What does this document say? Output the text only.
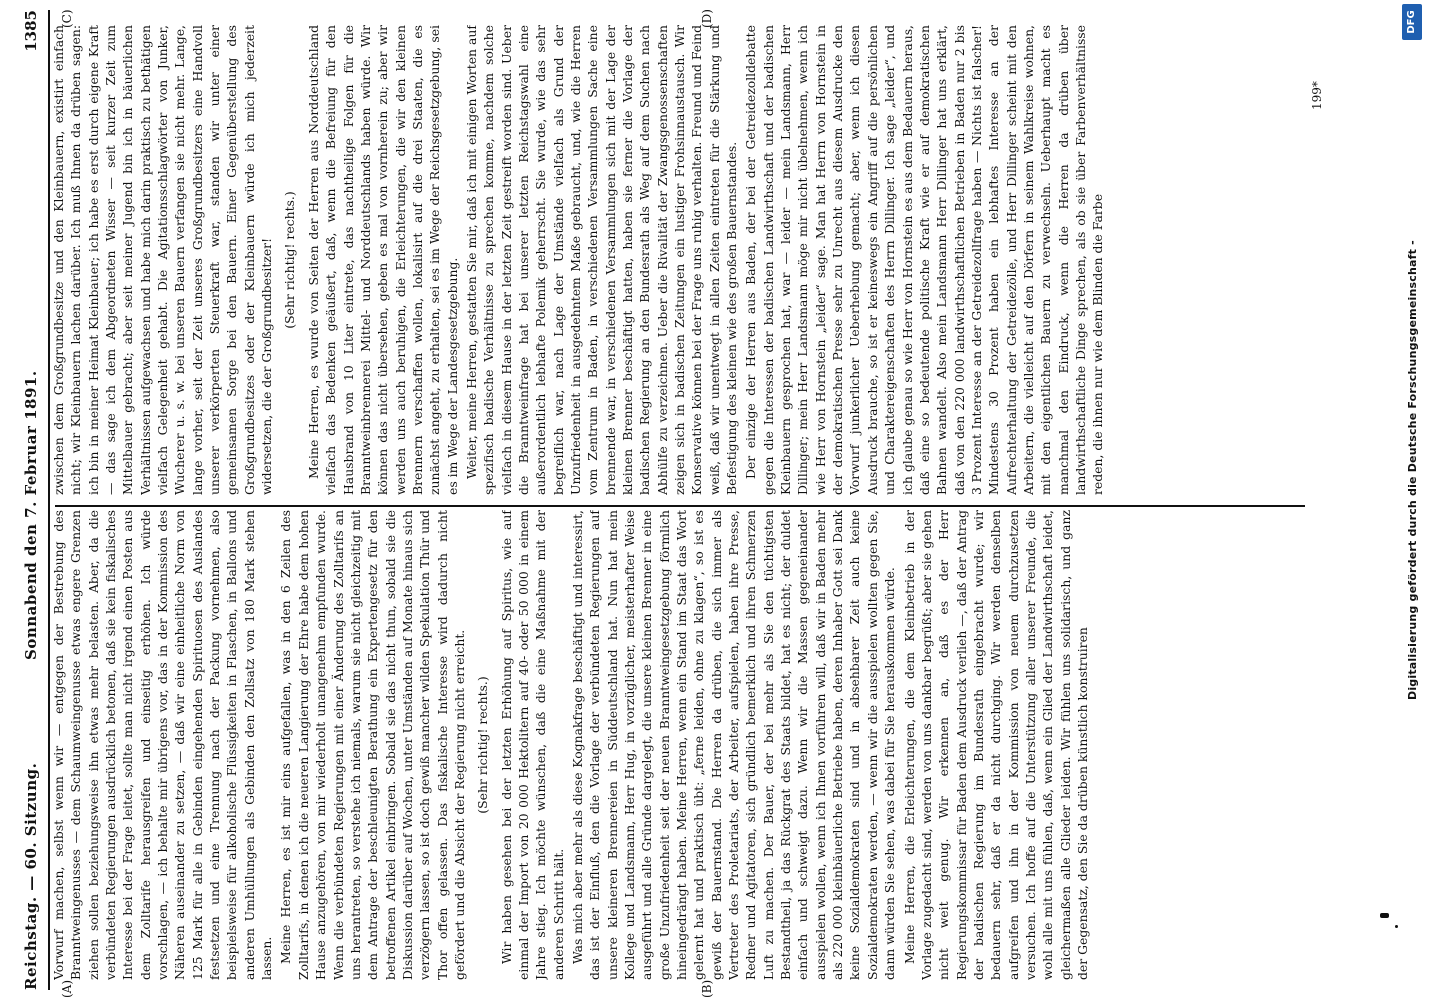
Reichstag. — 60. Sitzung.
Sonnabend den 7. Februar 1891.
1385
(A)	(B)
(C)	(D)

Vorwurf machen, selbst wenn wir — entgegen der Bestrebung des Branntweingenusses — dem Schaumweingenusse etwas engere Grenzen ziehen sollen beziehungsweise ihn etwas mehr belasten. Aber, da die verbündeten Regierungen ausdrücklich betonen, daß sie kein fiskalisches Interesse bei der Frage leitet, sollte man nicht irgend einen Posten aus dem Zolltarife herausgreifen und einseitig erhöhen. Ich würde vorschlagen, — ich behalte mir übrigens vor, das in der Kommission des Näheren auseinander zu setzen, — daß wir eine einheitliche Norm von 125 Mark für alle in Gebinden eingehenden Spirituosen des Auslandes festsetzen und eine Trennung nach der Packung vornehmen, also beispielsweise für alkoholische Flüssigkeiten in Flaschen, in Ballons und anderen Umhüllungen als Gebinden den Zollsatz von 180 Mark stehen lassen. Meine Herren, es ist mir eins aufgefallen, was in den 6 Zeilen des Zolltarifs, in denen ich die neueren Langierung der Ehre habe dem hohen Hause anzugehören, von mir wiederholt unangenehm empfunden wurde. Wenn die verbündeten Regierungen mit einer Änderung des Zolltarifs an uns herantreten, so verstehe ich niemals, warum sie nicht gleichzeitig mit dem Antrage der beschleunigten Berathung ein Expertengesetz für den betroffenen Artikel einbringen. Sobald sie das nicht thun, sobald sie die Diskussion darüber auf Wochen, unter Umständen auf Monate hinaus sich verzögern lassen, so ist doch gewiß mancher wilden Spekulation Thür und Thor offen gelassen. Das fiskalische Interesse wird dadurch nicht gefördert und die Absicht der Regierung nicht erreicht. (Sehr richtig! rechts.) Wir haben gesehen bei der letzten Erhöhung auf Spiritus, wie auf einmal der Import von 20 000 Hektolitern auf 40- oder 50 000 in einem Jahre stieg. Ich möchte wünschen, daß die eine Maßnahme mit der anderen Schritt hält. Was mich aber mehr als diese Kognakfrage beschäftigt und interessirt, das ist der Einfluß, den die Vorlage der verbündeten Regierungen auf unsere kleineren Brennereien in Süddeutschland hat. Nun hat mein Kollege und Landsmann, Herr Hug, in vorzüglicher, meisterhafter Weise ausgeführt und alle Gründe dargelegt, die unsere kleinen Brenner in eine große Unzufriedenheit seit der neuen Branntweingesetzgebung förmlich hineingedrängt haben. Meine Herren, wenn ein Stand im Staat das Wort gelernt hat und praktisch übt: „ferne leiden, ohne zu klagen“, so ist es gewiß der Bauernstand. Die Herren da drüben, die sich immer als Vertreter des Proletariats, der Arbeiter, aufspielen, haben ihre Presse, Redner und Agitatoren, sich gründlich bemerklich und ihren Schmerzen Luft zu machen. Der Bauer, der bei mehr als Sie den tüchtigsten Bestandtheil, ja das Rückgrat des Staats bildet, hat es nicht; der duldet einfach und schweigt dazu. Wenn wir die Massen gegeneinander ausspielen wollen, wenn ich Ihnen vorführen will, daß wir in Baden mehr als 220 000 kleinbäuerliche Betriebe haben, deren Inhaber Gott sei Dank keine Sozialdemokraten sind und in absehbarer Zeit auch keine Sozialdemokraten werden, — wenn wir die ausspielen wollten gegen Sie, dann würden Sie sehen, was dabei für Sie herauskommen würde. Meine Herren, die Erleichterungen, die dem Kleinbetrieb in der Vorlage zugedacht sind, werden von uns dankbar begrüßt; aber sie gehen nicht weit genug. Wir erkennen an, daß es der Herr Regierungskommissar für Baden dem Ausdruck verlieh —, daß der Antrag der badischen Regierung im Bundesrath eingebracht wurde; wir bedauern sehr, daß er da nicht durchging. Wir werden denselben aufgreifen und ihn in der Kommission von neuem durchzusetzen versuchen. Ich hoffe auf die Unterstützung aller unserer Freunde, die wohl alle mit uns fühlen, daß, wenn ein Glied der Landwirthschaft leidet, gleichermaßen alle Glieder leiden. Wir fühlen uns solidarisch, und ganz der Gegensatz, den Sie da drüben künstlich konstruiren

zwischen dem Großgrundbesitze und den Kleinbauern, existirt einfach nicht; wir Kleinbauern lachen darüber. Ich muß Ihnen da drüben sagen: ich bin in meiner Heimat Kleinbauer; ich habe es erst durch eigene Kraft — das sage ich dem Abgeordneten Wisser — seit kurzer Zeit zum Mittelbauer gebracht; aber seit meiner Jugend bin ich in bäuerlichen Verhältnissen aufgewachsen und habe mich darin praktisch zu bethätigen vielfach Gelegenheit gehabt. Die Agitationsschlagwörter von Junker, Wucherer u. s. w. bei unseren Bauern verfangen sie nicht mehr. Lange, lange vorher, seit der Zeit unseres Großgrundbesitzers eine Handvoll unserer verkörperten Steuerkraft war, standen wir unter einer gemeinsamen Sorge bei den Bauern. Einer Gegenüberstellung des Großgrundbesitzes oder der Kleinbauern würde ich mich jederzeit widersetzen, die der Großgrundbesitzer! (Sehr richtig! rechts.) Meine Herren, es wurde von Seiten der Herren aus Norddeutschland vielfach das Bedenken geäußert, daß, wenn die Befreiung für den Hausbrand von 10 Liter eintrete, das nachtheilige Folgen für die Branntweinbrennerei Mittel- und Norddeutschlands haben würde. Wir können das nicht übersehen, geben es mal von vornherein zu; aber wir werden uns auch beruhigen, die Erleichterungen, die wir den kleinen Brennern verschaffen wollen, lokalisirt auf die drei Staaten, die es zunächst angeht, zu erhalten, sei es im Wege der Reichsgesetzgebung, sei es im Wege der Landesgesetzgebung. Weiter, meine Herren, gestatten Sie mir, daß ich mit einigen Worten auf spezifisch badische Verhältnisse zu sprechen komme, nachdem solche vielfach in diesem Hause in der letzten Zeit gestreift worden sind. Ueber die Branntweinfrage hat bei unserer letzten Reichstagswahl eine außerordentlich lebhafte Polemik geherrscht. Sie wurde, wie das sehr begreiflich war, nach Lage der Umstände vielfach als Grund der Unzufriedenheit in ausgedehntem Maße gebraucht, und, wie die Herren vom Zentrum in Baden, in verschiedenen Versammlungen Sache eine brennende war, in verschiedenen Versammlungen sich mit der Lage der kleinen Brenner beschäftigt hatten, haben sie ferner die Vorlage der badischen Regierung an den Bundesrath als Weg auf dem Suchen nach Abhülfe zu verzeichnen. Ueber die Rivalität der Zwangsgenossenschaften zeigen sich in badischen Zeitungen ein lustiger Frohsinnaustausch. Wir Konservative können bei der Frage uns ruhig verhalten. Freund und Feind weiß, daß wir unentwegt in allen Zeiten eintreten für die Stärkung und Befestigung des kleinen wie des großen Bauernstandes. Der einzige der Herren aus Baden, der bei der Getreidezolldebatte gegen die Interessen der badischen Landwirthschaft und der badischen Kleinbauern gesprochen hat, war — leider — mein Landsmann, Herr Dillinger; mein Herr Landsmann möge mir nicht übelnehmen, wenn ich wie Herr von Hornstein „leider“ sage. Man hat Herrn von Hornstein in der demokratischen Presse sehr zu Unrecht aus diesem Ausdrucke den Vorwurf junkerlicher Ueberhebung gemacht; aber, wenn ich diesen Ausdruck brauche, so ist er keineswegs ein Angriff auf die persönlichen und Charaktereigenschaften des Herrn Dillinger. Ich sage „leider“, und ich glaube genau so wie Herr von Hornstein es aus dem Bedauern heraus, daß eine so bedeutende politische Kraft wie er auf demokratischen Bahnen wandelt. Also mein Landsmann Herr Dillinger hat uns erklärt, daß von den 220 000 landwirthschaftlichen Betrieben in Baden nur 2 bis 3 Prozent Interesse an der Getreidezollfrage haben — Nichts ist falscher! Mindestens 30 Prozent haben ein lebhaftes Interesse an der Aufrechterhaltung der Getreidezölle, und Herr Dillinger scheint mit den Arbeitern, die vielleicht auf den Dörfern in seinem Wahlkreise wohnen, mit den eigentlichen Bauern zu verwechseln. Ueberhaupt macht es manchmal den Eindruck, wenn die Herren da drüben über landwirthschaftliche Dinge sprechen, als ob sie über Farbenverhältnisse reden, die ihnen nur wie dem Blinden die Farbe

199*
Digitalisierung gefördert durch die Deutsche Forschungsgemeinschaft -
DFG
